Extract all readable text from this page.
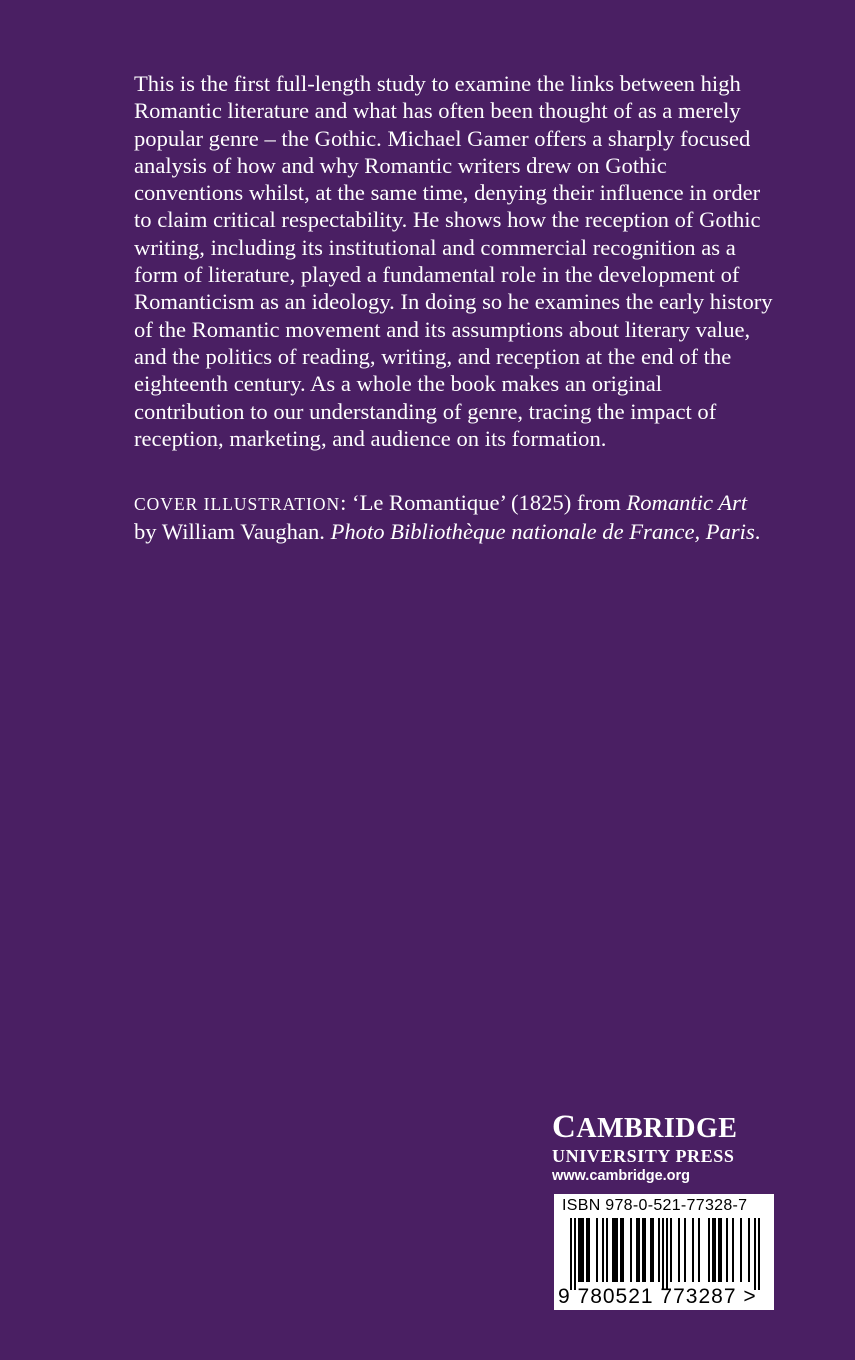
This is the first full-length study to examine the links between high
Romantic literature and what has often been thought of as a merely
popular genre – the Gothic. Michael Gamer offers a sharply focused
analysis of how and why Romantic writers drew on Gothic
conventions whilst, at the same time, denying their influence in order
to claim critical respectability. He shows how the reception of Gothic
writing, including its institutional and commercial recognition as a
form of literature, played a fundamental role in the development of
Romanticism as an ideology. In doing so he examines the early history
of the Romantic movement and its assumptions about literary value,
and the politics of reading, writing, and reception at the end of the
eighteenth century. As a whole the book makes an original
contribution to our understanding of genre, tracing the impact of
reception, marketing, and audience on its formation.

COVER ILLUSTRATION: ‘Le Romantique’ (1825) from Romantic Art
by William Vaughan. Photo Bibliothèque nationale de France, Paris.
CAMBRIDGE
UNIVERSITY PRESS
www.cambridge.org
ISBN 978-0-521-77328-7
9 780521 773287 >
